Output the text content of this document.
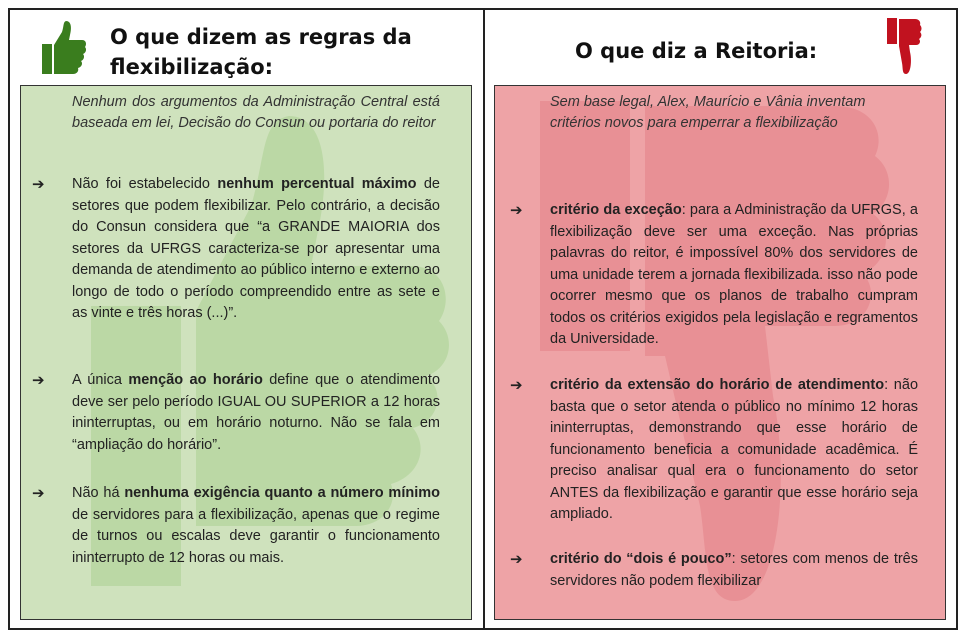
O que dizem as regras da flexibilização:
O que diz a Reitoria:
Nenhum dos argumentos da Administração Central está baseada em lei, Decisão do Consun ou portaria do reitor
➔ Não foi estabelecido nenhum percentual máximo de setores que podem flexibilizar. Pelo contrário, a decisão do Consun considera que “a GRANDE MAIORIA dos setores da UFRGS caracteriza-se por apresentar uma demanda de atendimento ao público interno e externo ao longo de todo o período compreendido entre as sete e as vinte e três horas (...)”.
➔ A única menção ao horário define que o atendimento deve ser pelo período IGUAL OU SUPERIOR a 12 horas ininterruptas, ou em horário noturno. Não se fala em “ampliação do horário”.
➔ Não há nenhuma exigência quanto a número mínimo de servidores para a flexibilização, apenas que o regime de turnos ou escalas deve garantir o funcionamento ininterrupto de 12 horas ou mais.
Sem base legal, Alex, Maurício e Vânia inventam critérios novos para emperrar a flexibilização
➔ critério da exceção: para a Administração da UFRGS, a flexibilização deve ser uma exceção. Nas próprias palavras do reitor, é impossível 80% dos servidores de uma unidade terem a jornada flexibilizada. isso não pode ocorrer mesmo que os planos de trabalho cumpram todos os critérios exigidos pela legislação e regramentos da Universidade.
➔ critério da extensão do horário de atendimento: não basta que o setor atenda o público no mínimo 12 horas ininterruptas, demonstrando que esse horário de funcionamento beneficia a comunidade acadêmica. É preciso analisar qual era o funcionamento do setor ANTES da flexibilização e garantir que esse horário seja ampliado.
➔ critério do “dois é pouco”: setores com menos de três servidores não podem flexibilizar
